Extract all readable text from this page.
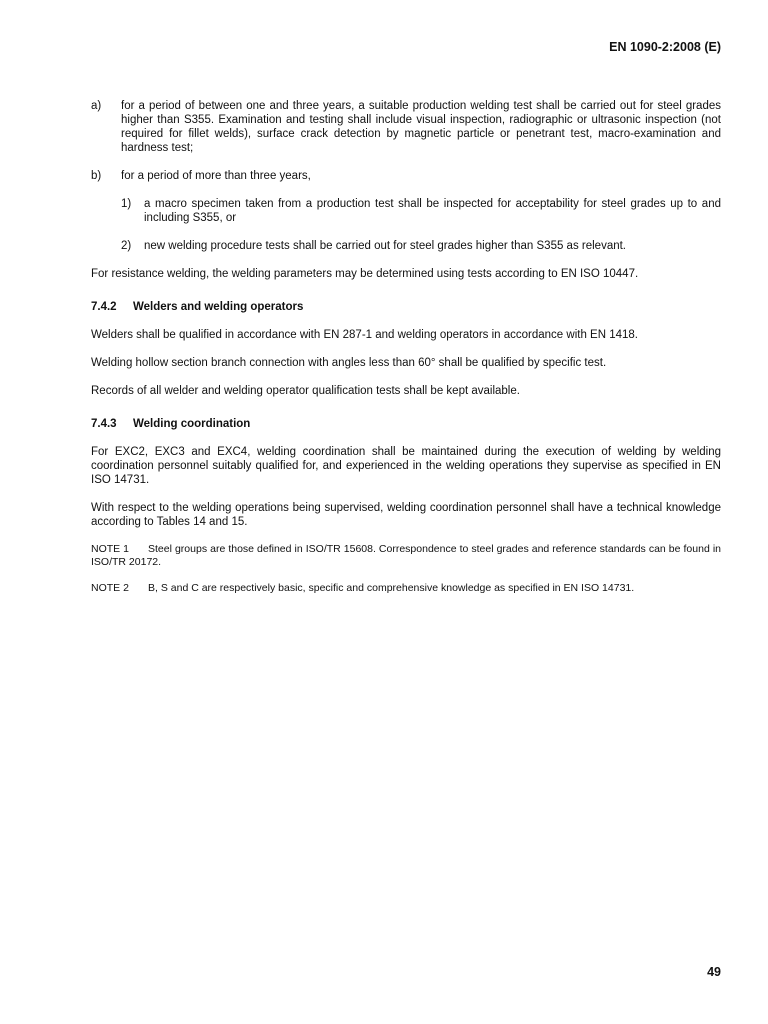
EN 1090-2:2008 (E)
a)	for a period of between one and three years, a suitable production welding test shall be carried out for steel grades higher than S355. Examination and testing shall include visual inspection, radiographic or ultrasonic inspection (not required for fillet welds), surface crack detection by magnetic particle or penetrant test, macro-examination and hardness test;
b)	for a period of more than three years,
1)	a macro specimen taken from a production test shall be inspected for acceptability for steel grades up to and including S355, or
2)	new welding procedure tests shall be carried out for steel grades higher than S355 as relevant.

For resistance welding, the welding parameters may be determined using tests according to EN ISO 10447.

7.4.2	Welders and welding operators

Welders shall be qualified in accordance with EN 287-1 and welding operators in accordance with EN 1418.

Welding hollow section branch connection with angles less than 60° shall be qualified by specific test.

Records of all welder and welding operator qualification tests shall be kept available.

7.4.3	Welding coordination

For EXC2, EXC3 and EXC4, welding coordination shall be maintained during the execution of welding by welding coordination personnel suitably qualified for, and experienced in the welding operations they supervise as specified in EN ISO 14731.

With respect to the welding operations being supervised, welding coordination personnel shall have a technical knowledge according to Tables 14 and 15.

NOTE 1 Steel groups are those defined in ISO/TR 15608. Correspondence to steel grades and reference standards can be found in ISO/TR 20172.
NOTE 2 B, S and C are respectively basic, specific and comprehensive knowledge as specified in EN ISO 14731.
49
